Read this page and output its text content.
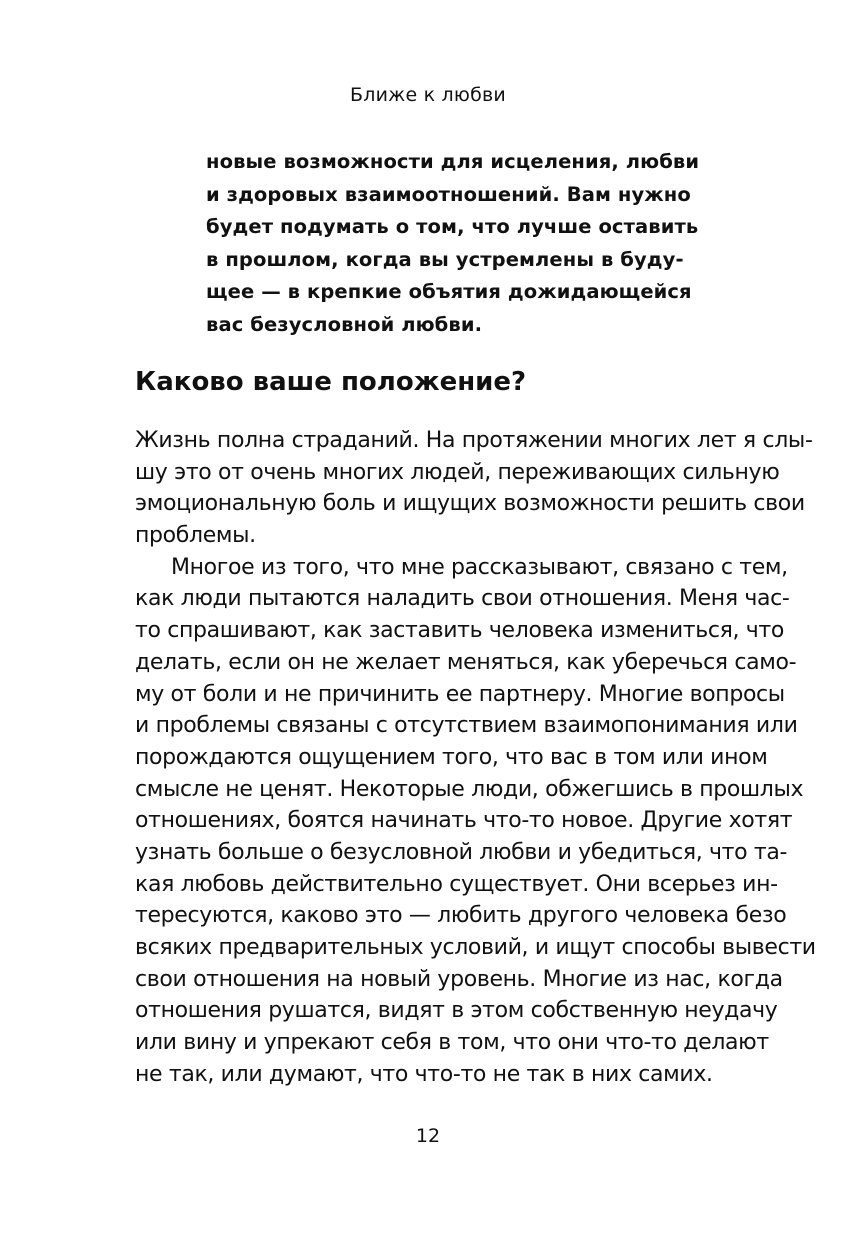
Ближе к любви
новые возможности для исцеления, любви
и здоровых взаимоотношений. Вам нужно
будет подумать о том, что лучше оставить
в прошлом, когда вы устремлены в буду-
щее — в крепкие объятия дожидающейся
вас безусловной любви.
Каково ваше положение?
Жизнь полна страданий. На протяжении многих лет я слы-
шу это от очень многих людей, переживающих сильную
эмоциональную боль и ищущих возможности решить свои
проблемы.
Многое из того, что мне рассказывают, связано с тем,
как люди пытаются наладить свои отношения. Меня час-
то спрашивают, как заставить человека измениться, что
делать, если он не желает меняться, как уберечься само-
му от боли и не причинить ее партнеру. Многие вопросы
и проблемы связаны с отсутствием взаимопонимания или
порождаются ощущением того, что вас в том или ином
смысле не ценят. Некоторые люди, обжегшись в прошлых
отношениях, боятся начинать что-то новое. Другие хотят
узнать больше о безусловной любви и убедиться, что та-
кая любовь действительно существует. Они всерьез ин-
тересуются, каково это — любить другого человека безо
всяких предварительных условий, и ищут способы вывести
свои отношения на новый уровень. Многие из нас, когда
отношения рушатся, видят в этом собственную неудачу
или вину и упрекают себя в том, что они что-то делают
не так, или думают, что что-то не так в них самих.
12
